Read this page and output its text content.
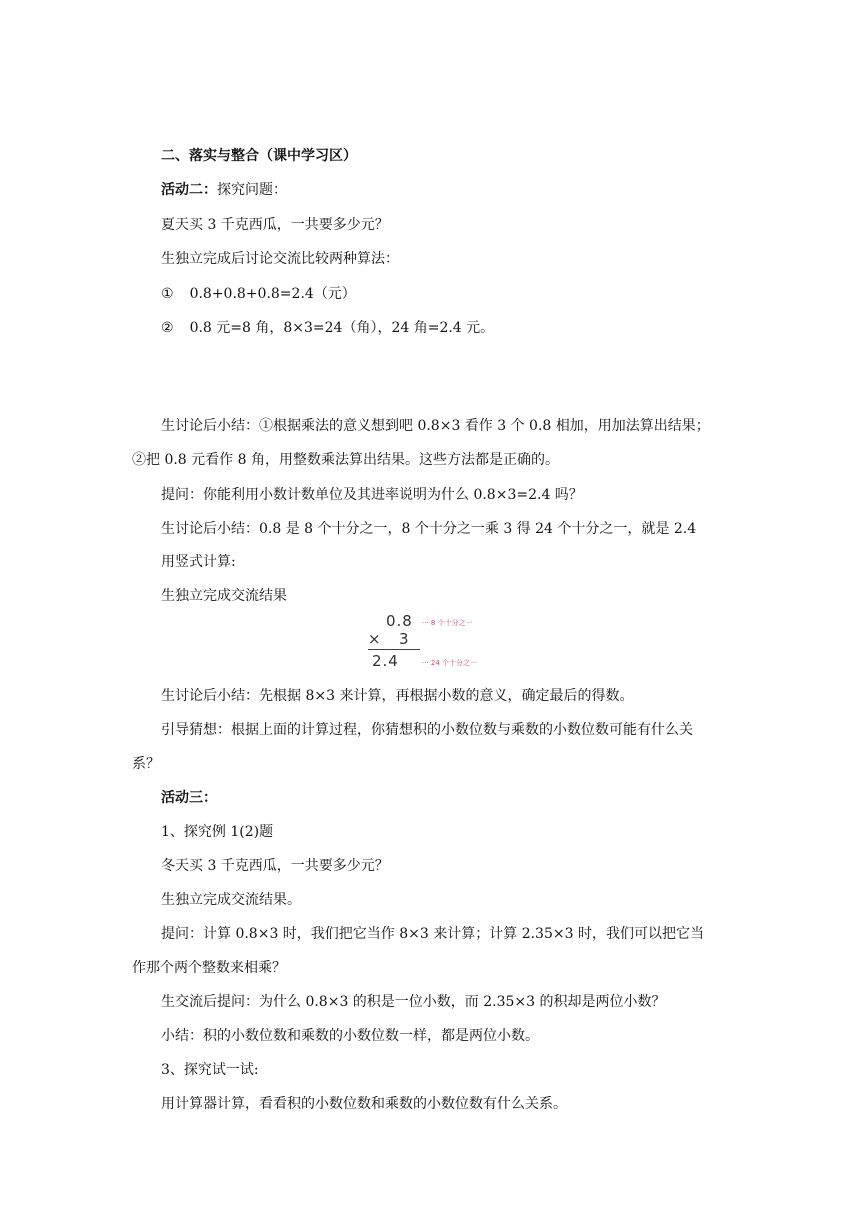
二、落实与整合（课中学习区）
活动二：探究问题：
夏天买 3 千克西瓜，一共要多少元？
生独立完成后讨论交流比较两种算法：
① 0.8+0.8+0.8=2.4（元）
② 0.8 元=8 角，8×3=24（角），24 角=2.4 元。
生讨论后小结：①根据乘法的意义想到吧 0.8×3 看作 3 个 0.8 相加，用加法算出结果；
②把 0.8 元看作 8 角，用整数乘法算出结果。这些方法都是正确的。
提问：你能利用小数计数单位及其进率说明为什么 0.8×3=2.4 吗？
生讨论后小结：0.8 是 8 个十分之一，8 个十分之一乘 3 得 24 个十分之一，就是 2.4
用竖式计算:
生独立完成交流结果
0.8 ··· 8 个十分之一
× 3
2.4	··· 24 个十分之一
生讨论后小结：先根据 8×3 来计算，再根据小数的意义，确定最后的得数。
引导猜想：根据上面的计算过程，你猜想积的小数位数与乘数的小数位数可能有什么关
系？
活动三：
1、探究例 1(2)题
冬天买 3 千克西瓜，一共要多少元？
生独立完成交流结果。
提问：计算 0.8×3 时，我们把它当作 8×3 来计算；计算 2.35×3 时，我们可以把它当
作那个两个整数来相乘？
生交流后提问：为什么 0.8×3 的积是一位小数，而 2.35×3 的积却是两位小数？
小结：积的小数位数和乘数的小数位数一样，都是两位小数。
3、探究试一试:
用计算器计算，看看积的小数位数和乘数的小数位数有什么关系。
